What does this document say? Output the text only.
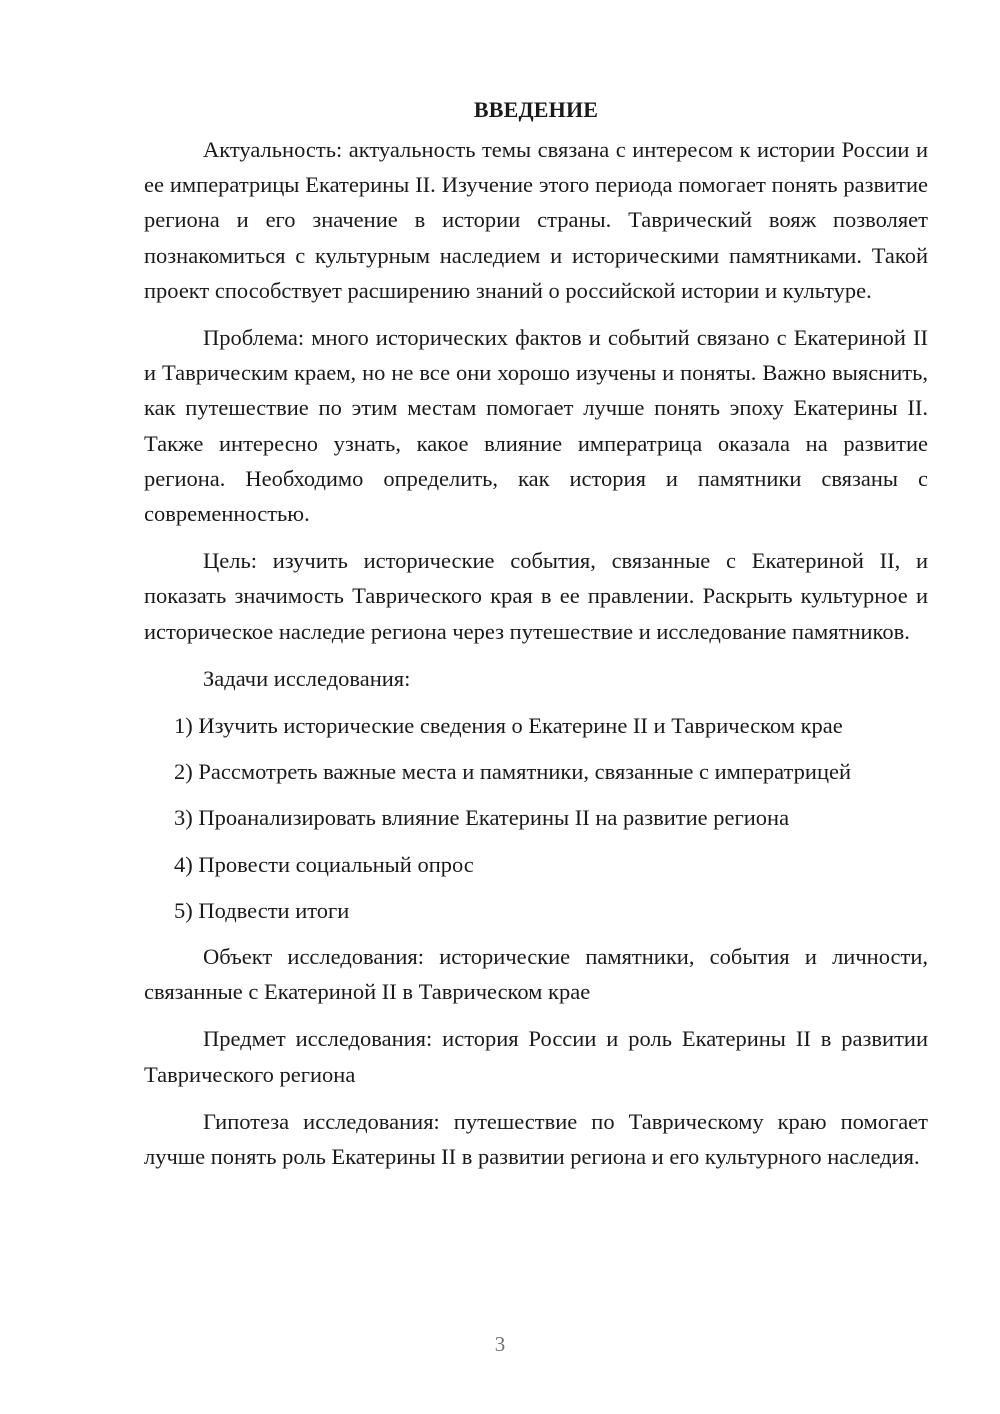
ВВЕДЕНИЕ

Актуальность: актуальность темы связана с интересом к истории России и ее императрицы Екатерины II. Изучение этого периода помогает понять развитие региона и его значение в истории страны. Таврический вояж позволяет познакомиться с культурным наследием и историческими памятниками. Такой проект способствует расширению знаний о российской истории и культуре.

Проблема: много исторических фактов и событий связано с Екатериной II и Таврическим краем, но не все они хорошо изучены и поняты. Важно выяснить, как путешествие по этим местам помогает лучше понять эпоху Екатерины II. Также интересно узнать, какое влияние императрица оказала на развитие региона. Необходимо определить, как история и памятники связаны с современностью.

Цель: изучить исторические события, связанные с Екатериной II, и показать значимость Таврического края в ее правлении. Раскрыть культурное и историческое наследие региона через путешествие и исследование памятников.

Задачи исследования:

1) Изучить исторические сведения о Екатерине II и Таврическом крае
2) Рассмотреть важные места и памятники, связанные с императрицей
3) Проанализировать влияние Екатерины II на развитие региона
4) Провести социальный опрос
5) Подвести итоги

Объект исследования: исторические памятники, события и личности, связанные с Екатериной II в Таврическом крае

Предмет исследования: история России и роль Екатерины II в развитии Таврического региона

Гипотеза исследования: путешествие по Таврическому краю помогает лучше понять роль Екатерины II в развитии региона и его культурного наследия.

3
